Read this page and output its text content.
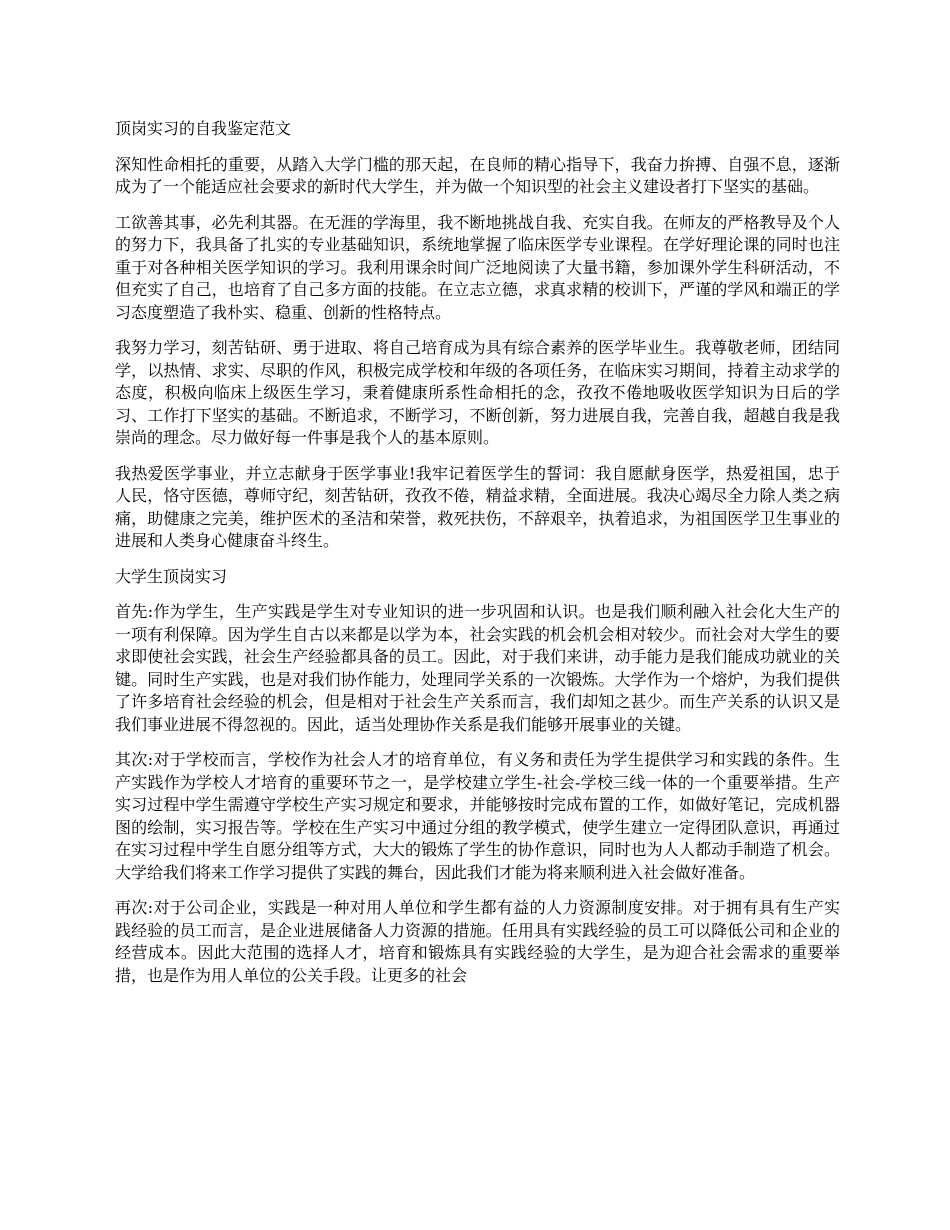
顶岗实习的自我鉴定范文
深知性命相托的重要，从踏入大学门槛的那天起，在良师的精心指导下，我奋力拚搏、自强不息，逐渐成为了一个能适应社会要求的新时代大学生，并为做一个知识型的社会主义建设者打下坚实的基础。
工欲善其事，必先利其器。在无涯的学海里，我不断地挑战自我、充实自我。在师友的严格教导及个人的努力下，我具备了扎实的专业基础知识，系统地掌握了临床医学专业课程。在学好理论课的同时也注重于对各种相关医学知识的学习。我利用课余时间广泛地阅读了大量书籍，参加课外学生科研活动，不但充实了自己，也培育了自己多方面的技能。在立志立德，求真求精的校训下，严谨的学风和端正的学习态度塑造了我朴实、稳重、创新的性格特点。
我努力学习，刻苦钻研、勇于进取、将自己培育成为具有综合素养的医学毕业生。我尊敬老师，团结同学，以热情、求实、尽职的作风，积极完成学校和年级的各项任务，在临床实习期间，持着主动求学的态度，积极向临床上级医生学习，秉着健康所系性命相托的念，孜孜不倦地吸收医学知识为日后的学习、工作打下坚实的基础。不断追求，不断学习，不断创新，努力进展自我，完善自我，超越自我是我崇尚的理念。尽力做好每一件事是我个人的基本原则。
我热爱医学事业，并立志献身于医学事业!我牢记着医学生的誓词：我自愿献身医学，热爱祖国，忠于人民，恪守医德，尊师守纪，刻苦钻研，孜孜不倦，精益求精，全面进展。我决心竭尽全力除人类之病痛，助健康之完美，维护医术的圣洁和荣誉，救死扶伤，不辞艰辛，执着追求，为祖国医学卫生事业的进展和人类身心健康奋斗终生。
大学生顶岗实习
首先:作为学生，生产实践是学生对专业知识的进一步巩固和认识。也是我们顺利融入社会化大生产的一项有利保障。因为学生自古以来都是以学为本，社会实践的机会机会相对较少。而社会对大学生的要求即使社会实践，社会生产经验都具备的员工。因此，对于我们来讲，动手能力是我们能成功就业的关键。同时生产实践，也是对我们协作能力，处理同学关系的一次锻炼。大学作为一个熔炉，为我们提供了许多培育社会经验的机会，但是相对于社会生产关系而言，我们却知之甚少。而生产关系的认识又是我们事业进展不得忽视的。因此，适当处理协作关系是我们能够开展事业的关键。
其次:对于学校而言，学校作为社会人才的培育单位，有义务和责任为学生提供学习和实践的条件。生产实践作为学校人才培育的重要环节之一，是学校建立学生-社会-学校三线一体的一个重要举措。生产实习过程中学生需遵守学校生产实习规定和要求，并能够按时完成布置的工作，如做好笔记，完成机器图的绘制，实习报告等。学校在生产实习中通过分组的教学模式，使学生建立一定得团队意识，再通过在实习过程中学生自愿分组等方式，大大的锻炼了学生的协作意识，同时也为人人都动手制造了机会。大学给我们将来工作学习提供了实践的舞台，因此我们才能为将来顺利进入社会做好准备。
再次:对于公司企业，实践是一种对用人单位和学生都有益的人力资源制度安排。对于拥有具有生产实践经验的员工而言，是企业进展储备人力资源的措施。任用具有实践经验的员工可以降低公司和企业的经营成本。因此大范围的选择人才，培育和锻炼具有实践经验的大学生，是为迎合社会需求的重要举措，也是作为用人单位的公关手段。让更多的社会
